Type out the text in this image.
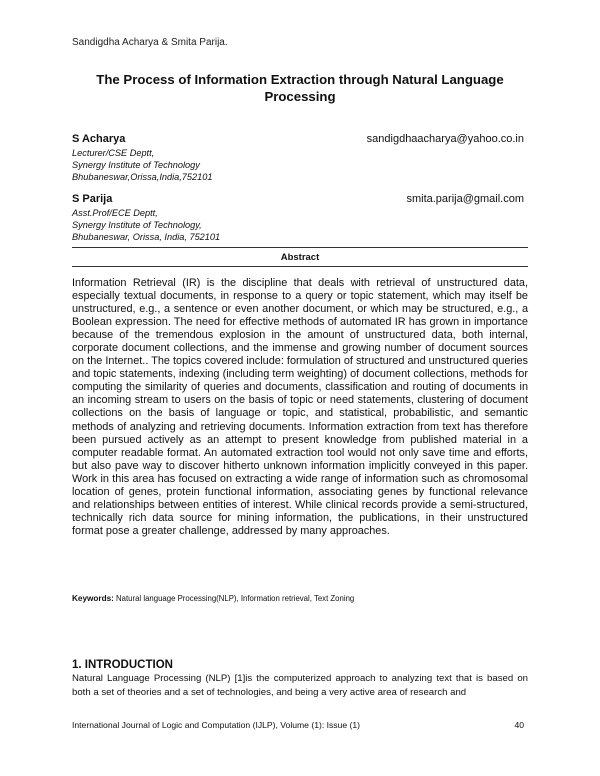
Sandigdha Acharya & Smita Parija.
The Process of Information Extraction through Natural Language Processing
S Acharya	sandigdhaacharya@yahoo.co.in
Lecturer/CSE Deptt,
Synergy Institute of Technology
Bhubaneswar,Orissa,India,752101
S Parija	smita.parija@gmail.com
Asst.Prof/ECE Deptt,
Synergy Institute of Technology,
Bhubaneswar, Orissa, India, 752101
Abstract
Information Retrieval (IR) is the discipline that deals with retrieval of unstructured data, especially textual documents, in response to a query or topic statement, which may itself be unstructured, e.g., a sentence or even another document, or which may be structured, e.g., a Boolean expression. The need for effective methods of automated IR has grown in importance because of the tremendous explosion in the amount of unstructured data, both internal, corporate document collections, and the immense and growing number of document sources on the Internet.. The topics covered include: formulation of structured and unstructured queries and topic statements, indexing (including term weighting) of document collections, methods for computing the similarity of queries and documents, classification and routing of documents in an incoming stream to users on the basis of topic or need statements, clustering of document collections on the basis of language or topic, and statistical, probabilistic, and semantic methods of analyzing and retrieving documents. Information extraction from text has therefore been pursued actively as an attempt to present knowledge from published material in a computer readable format. An automated extraction tool would not only save time and efforts, but also pave way to discover hitherto unknown information implicitly conveyed in this paper. Work in this area has focused on extracting a wide range of information such as chromosomal location of genes, protein functional information, associating genes by functional relevance and relationships between entities of interest. While clinical records provide a semi-structured, technically rich data source for mining information, the publications, in their unstructured format pose a greater challenge, addressed by many approaches.
Keywords: Natural language Processing(NLP), Information retrieval, Text Zoning
1. INTRODUCTION
Natural Language Processing (NLP) [1]is the computerized approach to analyzing text that is based on both a set of theories and a set of technologies, and being a very active area of research and
International Journal of Logic and Computation (IJLP), Volume (1): Issue (1)	40
